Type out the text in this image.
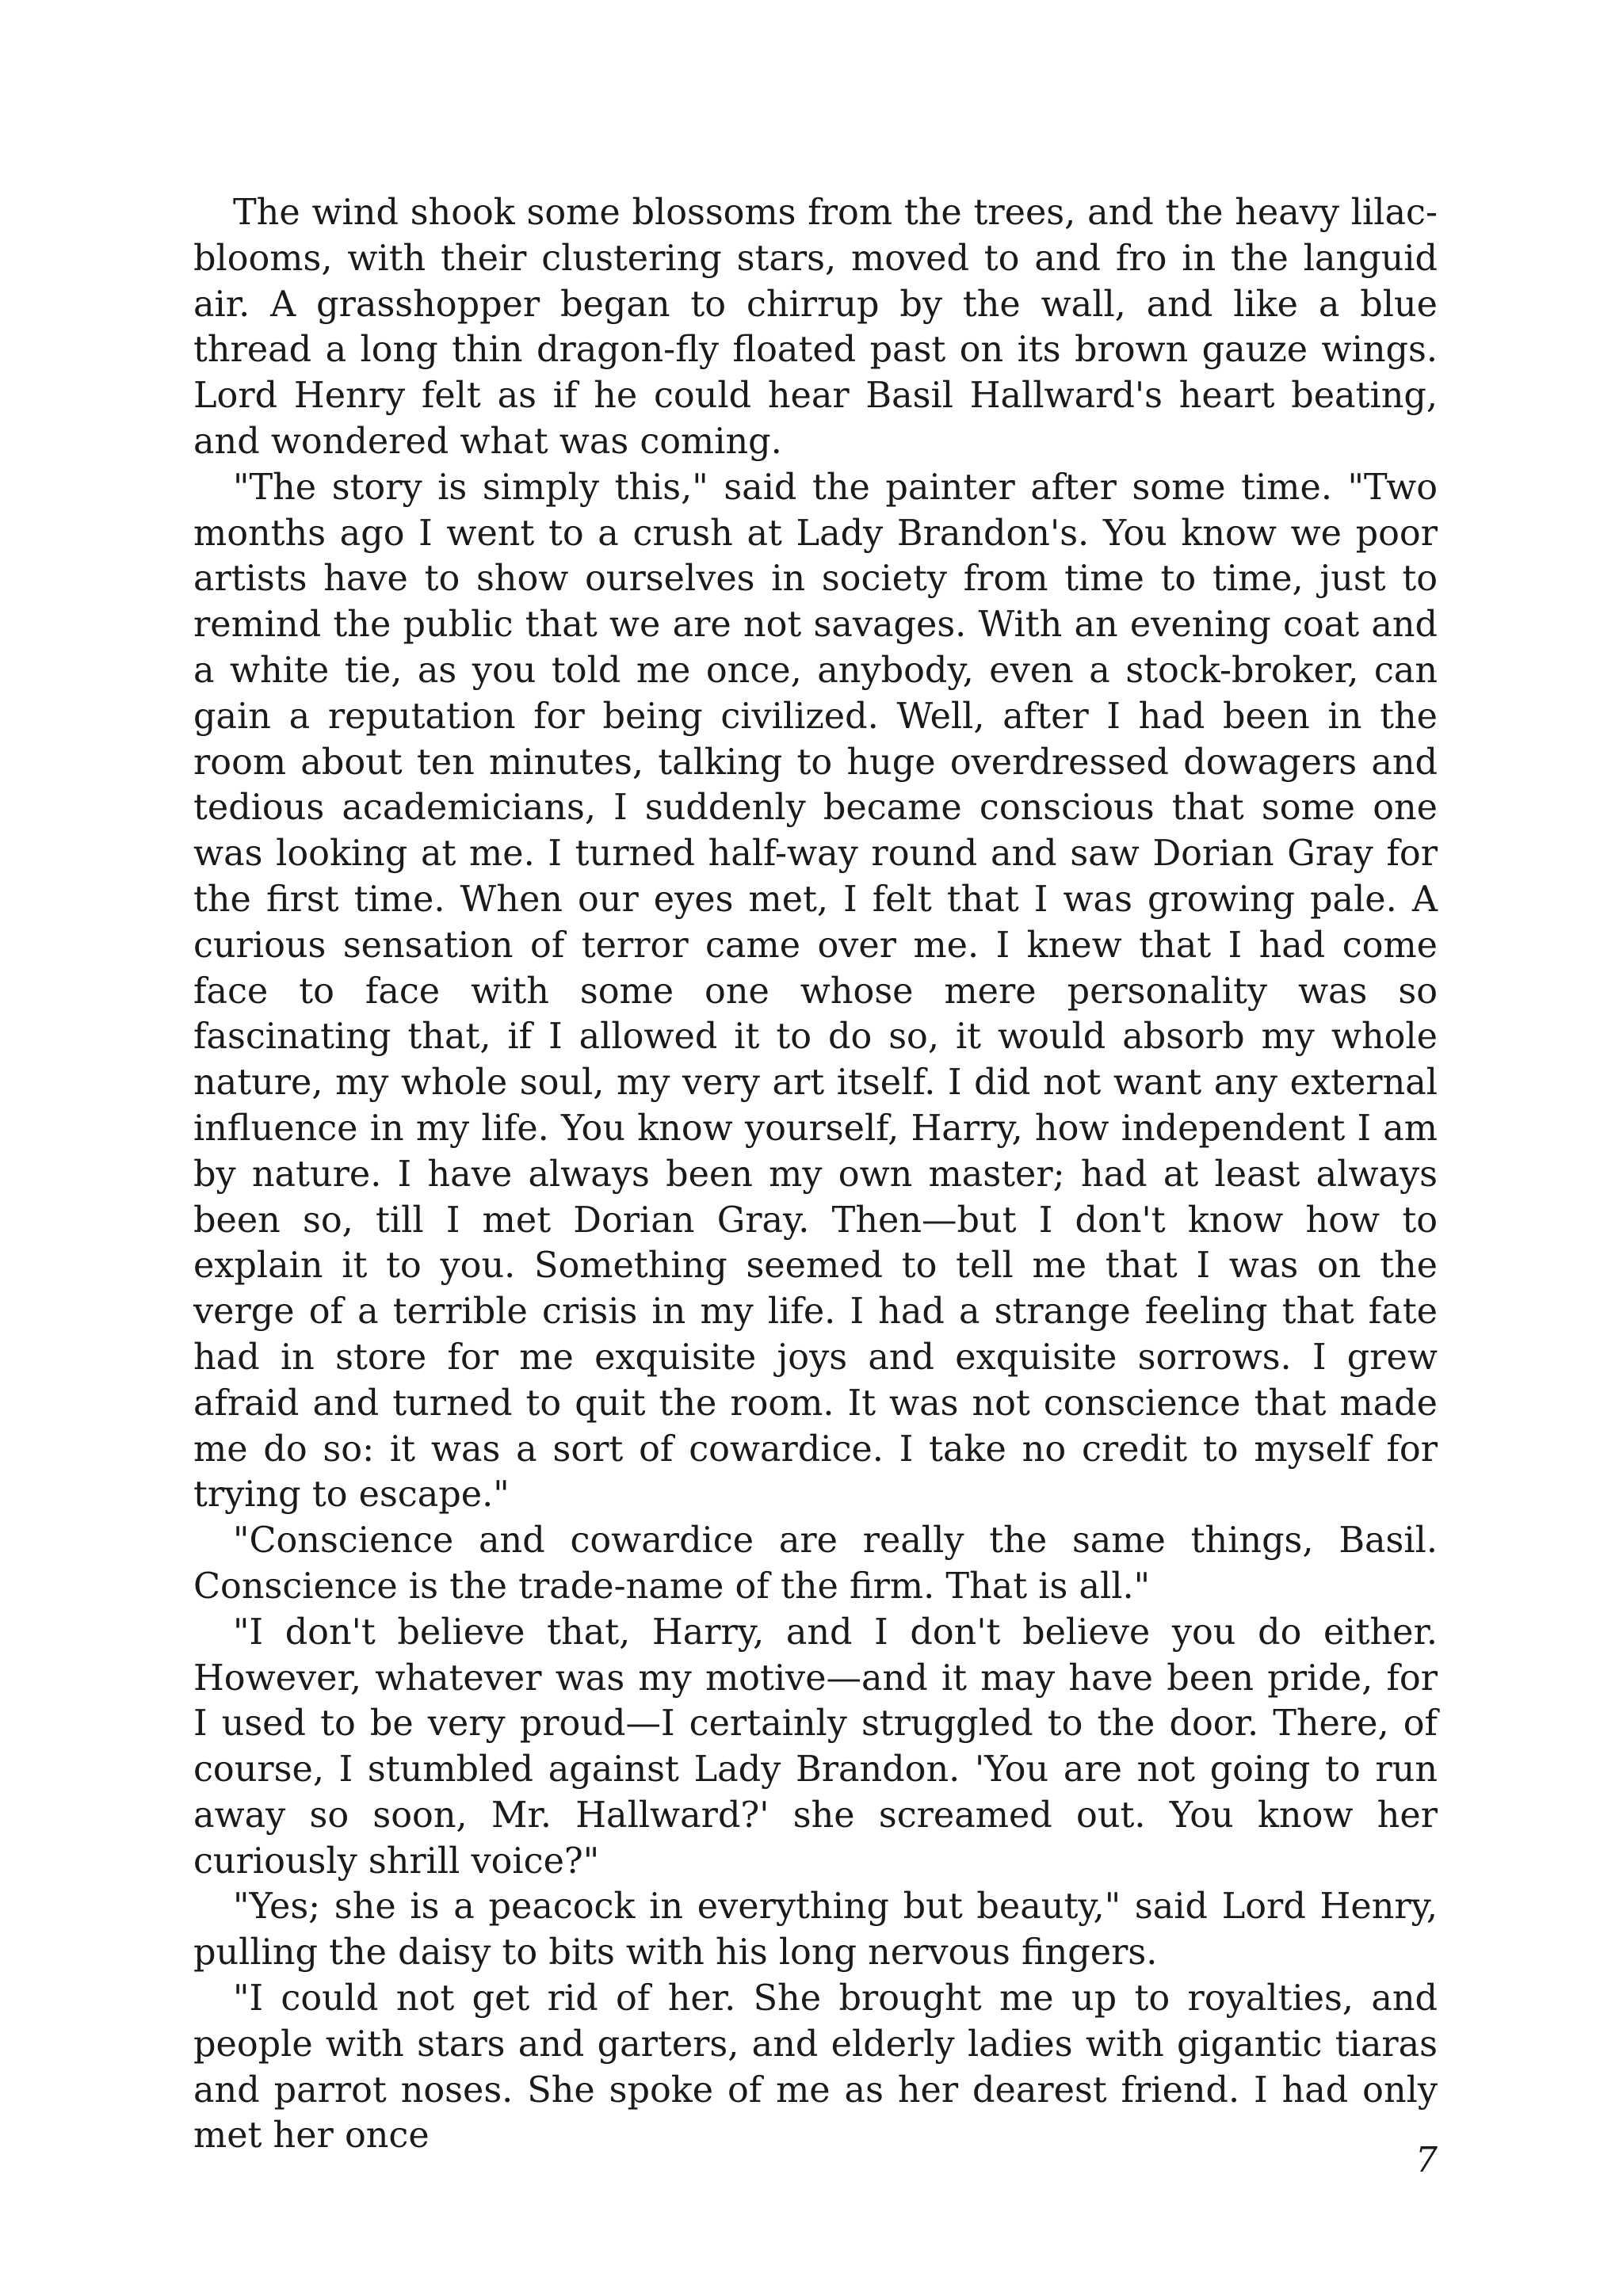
The wind shook some blossoms from the trees, and the heavy lilac-blooms, with their clustering stars, moved to and fro in the languid air. A grasshopper began to chirrup by the wall, and like a blue thread a long thin dragon-fly floated past on its brown gauze wings. Lord Henry felt as if he could hear Basil Hallward's heart beating, and wondered what was coming.

"The story is simply this," said the painter after some time. "Two months ago I went to a crush at Lady Brandon's. You know we poor artists have to show ourselves in society from time to time, just to remind the public that we are not savages. With an evening coat and a white tie, as you told me once, anybody, even a stock-broker, can gain a reputation for being civilized. Well, after I had been in the room about ten minutes, talking to huge overdressed dowagers and tedious academicians, I suddenly became conscious that some one was looking at me. I turned half-way round and saw Dorian Gray for the first time. When our eyes met, I felt that I was growing pale. A curious sensation of terror came over me. I knew that I had come face to face with some one whose mere personality was so fascinating that, if I allowed it to do so, it would absorb my whole nature, my whole soul, my very art itself. I did not want any external influence in my life. You know yourself, Harry, how independent I am by nature. I have always been my own master; had at least always been so, till I met Dorian Gray. Then—but I don't know how to explain it to you. Something seemed to tell me that I was on the verge of a terrible crisis in my life. I had a strange feeling that fate had in store for me exquisite joys and exquisite sorrows. I grew afraid and turned to quit the room. It was not conscience that made me do so: it was a sort of cowardice. I take no credit to myself for trying to escape."

"Conscience and cowardice are really the same things, Basil. Conscience is the trade-name of the firm. That is all."

"I don't believe that, Harry, and I don't believe you do either. However, whatever was my motive—and it may have been pride, for I used to be very proud—I certainly struggled to the door. There, of course, I stumbled against Lady Brandon. 'You are not going to run away so soon, Mr. Hallward?' she screamed out. You know her curiously shrill voice?"

"Yes; she is a peacock in everything but beauty," said Lord Henry, pulling the daisy to bits with his long nervous fingers.

"I could not get rid of her. She brought me up to royalties, and people with stars and garters, and elderly ladies with gigantic tiaras and parrot noses. She spoke of me as her dearest friend. I had only met her once

7
